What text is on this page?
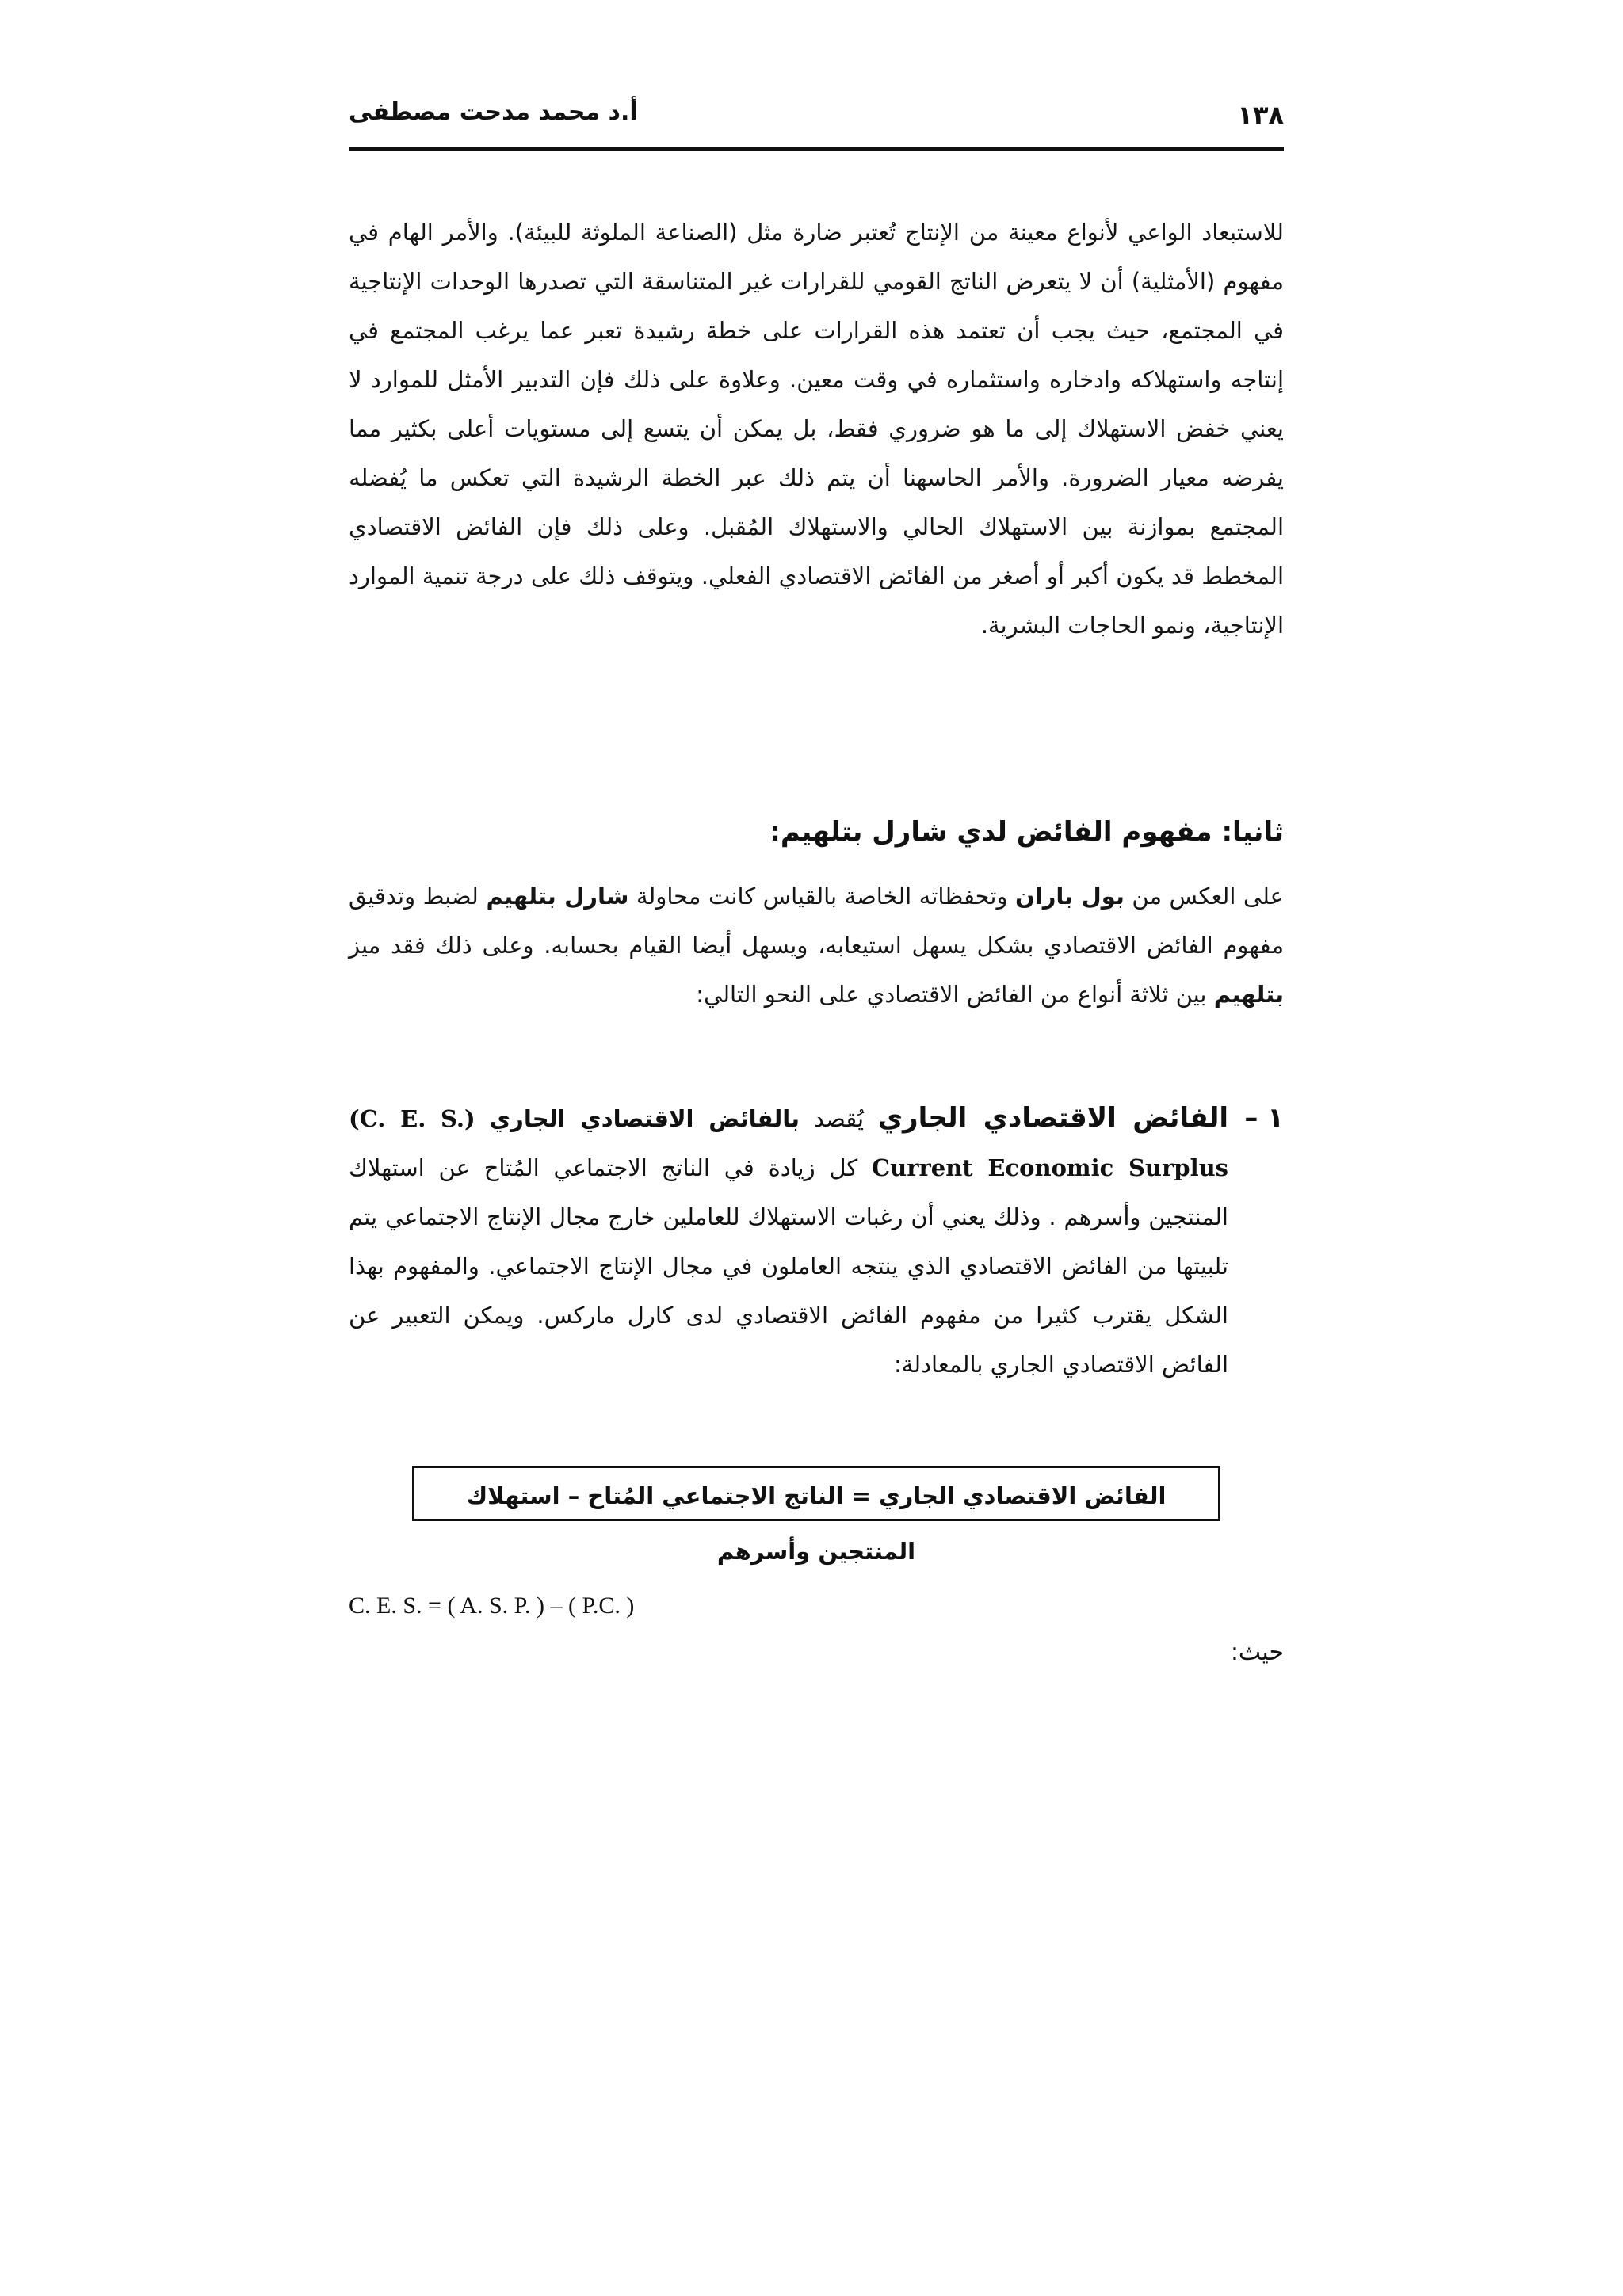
١٣٨
أ.د محمد مدحت مصطفى
للاستبعاد الواعي لأنواع معينة من الإنتاج تُعتبر ضارة مثل (الصناعة الملوثة للبيئة). والأمر الهام في مفهوم (الأمثلية) أن لا يتعرض الناتج القومي للقرارات غير المتناسقة التي تصدرها الوحدات الإنتاجية في المجتمع، حيث يجب أن تعتمد هذه القرارات على خطة رشيدة تعبر عما يرغب المجتمع في إنتاجه واستهلاكه وادخاره واستثماره في وقت معين. وعلاوة على ذلك فإن التدبير الأمثل للموارد لا يعني خفض الاستهلاك إلى ما هو ضروري فقط، بل يمكن أن يتسع إلى مستويات أعلى بكثير مما يفرضه معيار الضرورة. والأمر الحاسهنا أن يتم ذلك عبر الخطة الرشيدة التي تعكس ما يُفضله المجتمع بموازنة بين الاستهلاك الحالي والاستهلاك المُقبل. وعلى ذلك فإن الفائض الاقتصادي المخطط قد يكون أكبر أو أصغر من الفائض الاقتصادي الفعلي. ويتوقف ذلك على درجة تنمية الموارد الإنتاجية، ونمو الحاجات البشرية.
ثانيا: مفهوم الفائض لدي شارل بتلهيم:
على العكس من بول باران وتحفظاته الخاصة بالقياس كانت محاولة شارل بتلهيم لضبط وتدقيق مفهوم الفائض الاقتصادي بشكل يسهل استيعابه، ويسهل أيضا القيام بحسابه. وعلى ذلك فقد ميز بتلهيم بين ثلاثة أنواع من الفائض الاقتصادي على النحو التالي:
١ –
الفائض الاقتصادي الجاري يُقصد بالفائض الاقتصادي الجاري (C. E. S.) Current Economic Surplus كل زيادة في الناتج الاجتماعي المُتاح عن استهلاك المنتجين وأسرهم . وذلك يعني أن رغبات الاستهلاك للعاملين خارج مجال الإنتاج الاجتماعي يتم تلبيتها من الفائض الاقتصادي الذي ينتجه العاملون في مجال الإنتاج الاجتماعي. والمفهوم بهذا الشكل يقترب كثيرا من مفهوم الفائض الاقتصادي لدى كارل ماركس. ويمكن التعبير عن الفائض الاقتصادي الجاري بالمعادلة:
الفائض الاقتصادي الجاري = الناتج الاجتماعي المُتاح – استهلاك المنتجين وأسرهم
C. E. S. = ( A. S. P. ) – ( P.C. )
حيث:
